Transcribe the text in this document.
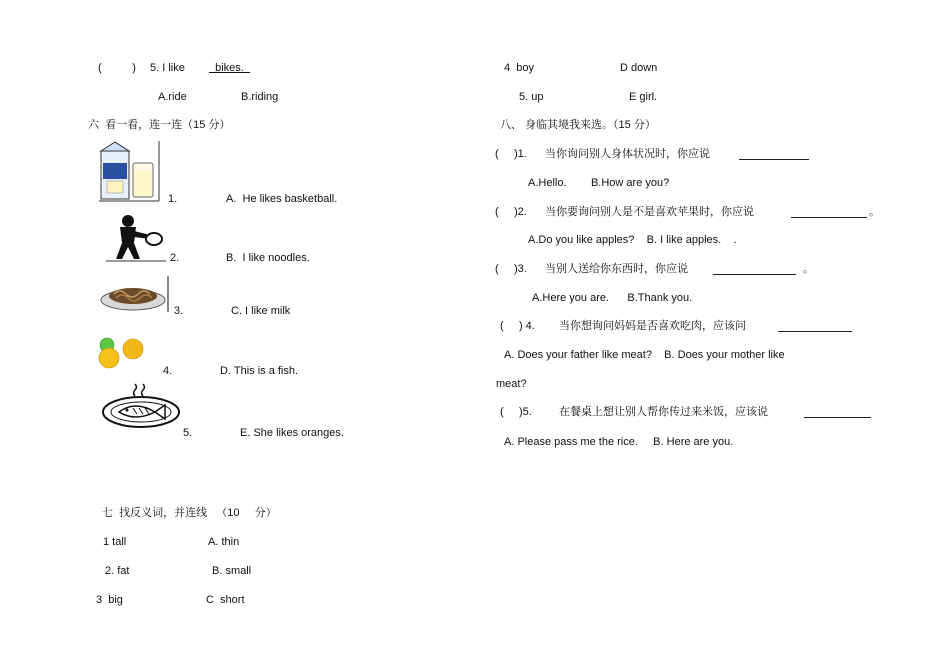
(          ) 5. I like bikes.
A.ride	B.riding
六  看一看，连一连（15 分）
1.	A.  He likes basketball.
2.	B.  I like noodles.
3.	C. I like milk
4.	D. This is a fish.
5.	E. She likes oranges.
七  找反义词，并连线   （10     分）
1 tall	A. thin
2. fat	B. small
3  big	C  short
4  boy	D down
5. up	E girl.
八、 身临其境我来选。（15 分）
(     )1. 当你询问别人身体状况时，你应说
A.Hello.        B.How are you?
(     )2. 当你要询问别人是不是喜欢苹果时，你应说	。
A.Do you like apples?    B. I like apples.    .
(     )3. 当别人送给你东西时，你应说	。
A.Here you are.      B.Thank you.
(     ) 4. 当你想询问妈妈是否喜欢吃肉，应该问
A. Does your father like meat?    B. Does your mother like
meat?
(     )5. 在餐桌上想让别人帮你传过来米饭，应该说
A. Please pass me the rice.     B. Here are you.
